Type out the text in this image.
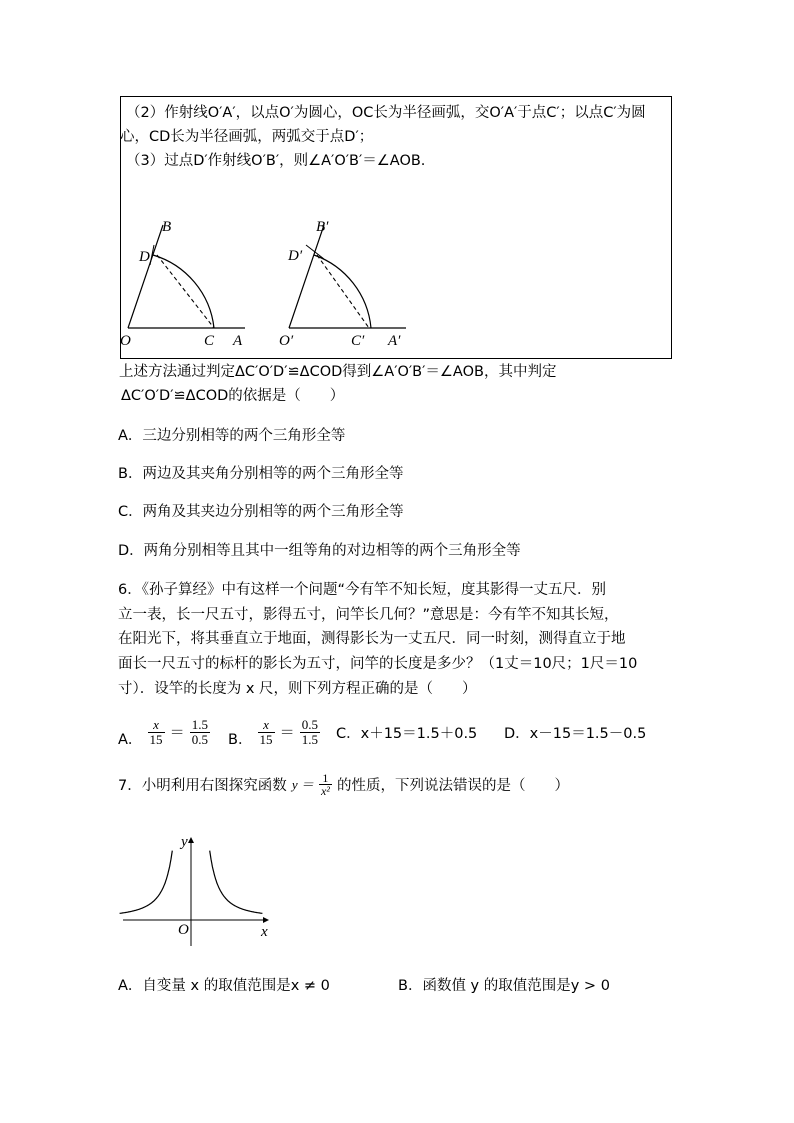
（2）作射线O′A′，以点O′为圆心，OC长为半径画弧，交O′A′于点C′；以点C′为圆
心，CD长为半径画弧，两弧交于点D′；
（3）过点D′作射线O′B′，则∠A′O′B′＝∠AOB.
B
D
O	C A
B′
D′
O′	C′ A′
上述方法通过判定ΔC′O′D′≌ΔCOD得到∠A′O′B′＝∠AOB，其中判定
ΔC′O′D′≌ΔCOD的依据是（　　）
A．三边分别相等的两个三角形全等
B．两边及其夹角分别相等的两个三角形全等
C．两角及其夹边分别相等的两个三角形全等
D．两角分别相等且其中一组等角的对边相等的两个三角形全等
6．《孙子算经》中有这样一个问题“今有竿不知长短，度其影得一丈五尺．别
立一表，长一尺五寸，影得五寸，问竿长几何？”意思是：今有竿不知其长短，
在阳光下，将其垂直立于地面，测得影长为一丈五尺．同一时刻，测得直立于地
面长一尺五寸的标杆的影长为五寸，问竿的长度是多少？（1丈＝10尺；1尺＝10
寸）．设竿的长度为 x 尺，则下列方程正确的是（　　）
A． $\frac{x}{15} = \frac{1.5}{0.5}$ B． $\frac{x}{15} = \frac{0.5}{1.5}$ C．x＋15＝1.5＋0.5 D．x－15＝1.5－0.5
7．小明利用右图探究函数 $y = \frac{1}{\text{x²}}$ 的性质，下列说法错误的是（　　）
y
x
O
A．自变量 x 的取值范围是x ≠ 0	B．函数值 y 的取值范围是y > 0
